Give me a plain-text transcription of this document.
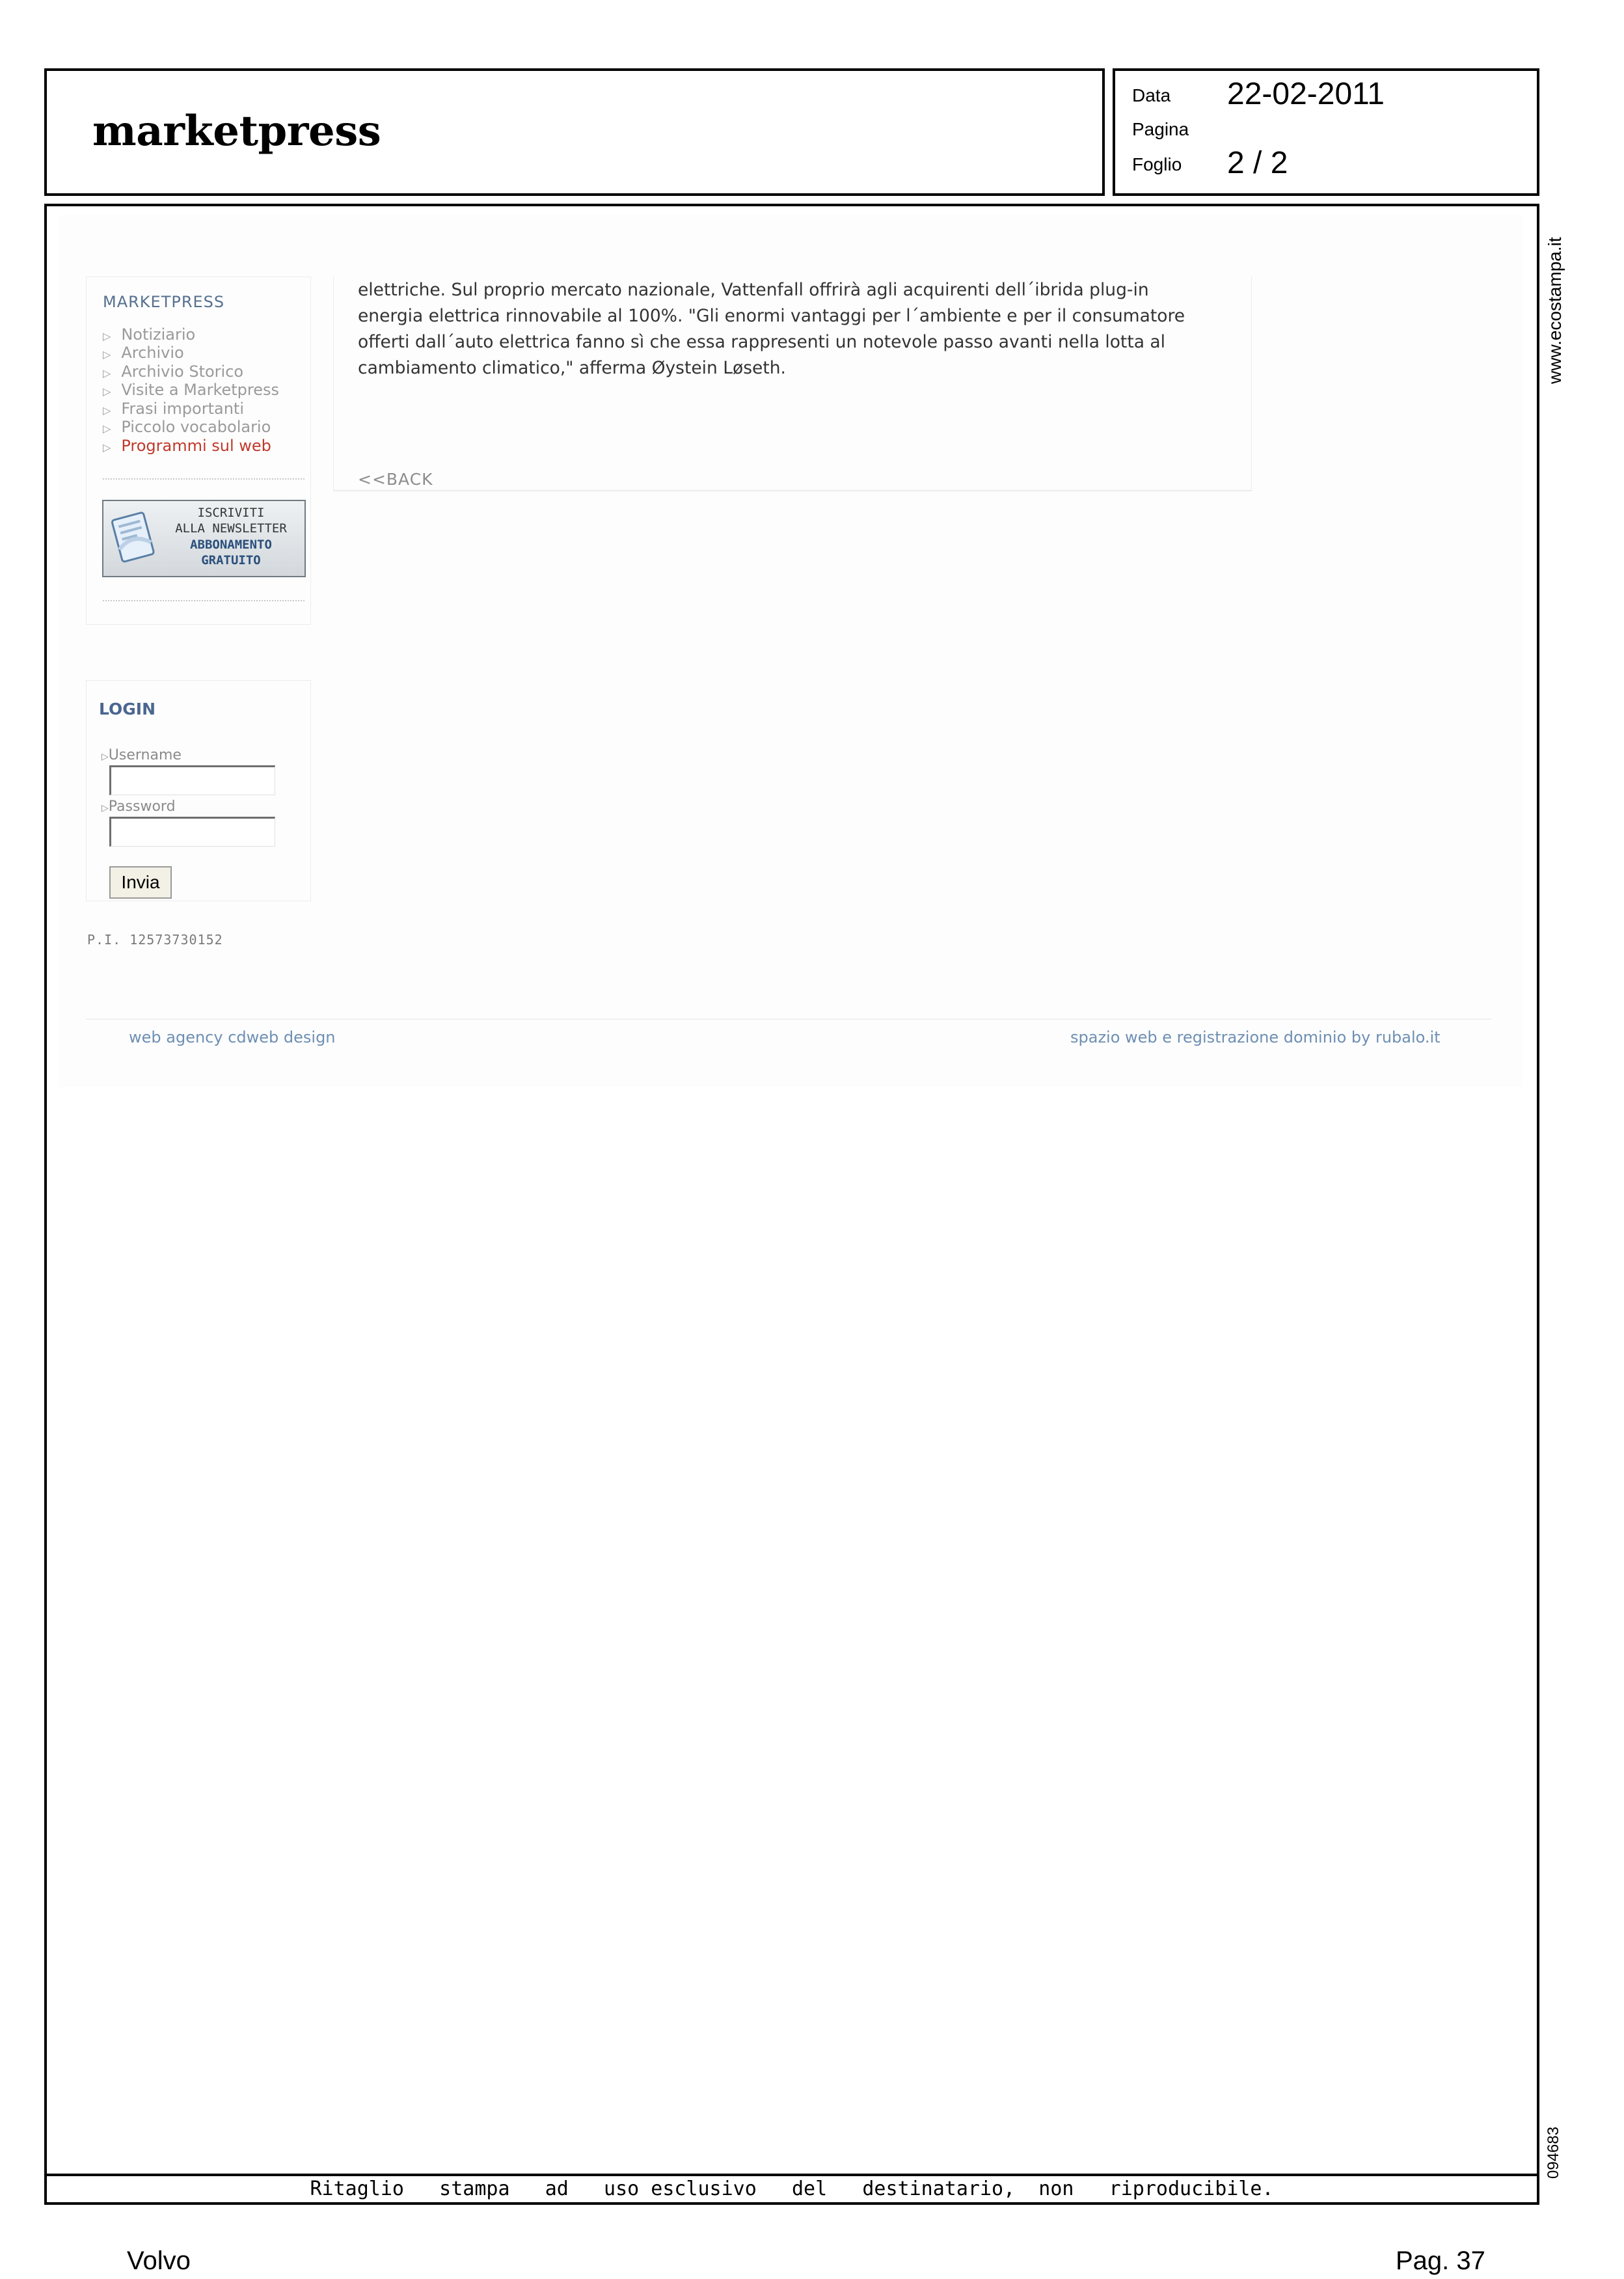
marketpress
Data 22-02-2011
Pagina
Foglio 2 / 2
MARKETPRESS
▷ Notiziario
▷ Archivio
▷ Archivio Storico
▷ Visite a Marketpress
▷ Frasi importanti
▷ Piccolo vocabolario
▷ Programmi sul web
ISCRIVITI
ALLA NEWSLETTER
ABBONAMENTO
GRATUITO
LOGIN
▷Username
▷Password
Invia
P.I. 12573730152
elettriche. Sul proprio mercato nazionale, Vattenfall offrirà agli acquirenti dell´ibrida plug-in
energia elettrica rinnovabile al 100%. "Gli enormi vantaggi per l´ambiente e per il consumatore
offerti dall´auto elettrica fanno sì che essa rappresenti un notevole passo avanti nella lotta al
cambiamento climatico," afferma Øystein Løseth.
<<BACK
web agency cdweb design	spazio web e registrazione dominio by rubalo.it
www.ecostampa.it
094683
Ritaglio   stampa   ad   uso esclusivo   del   destinatario,  non   riproducibile.
Volvo	Pag. 37
